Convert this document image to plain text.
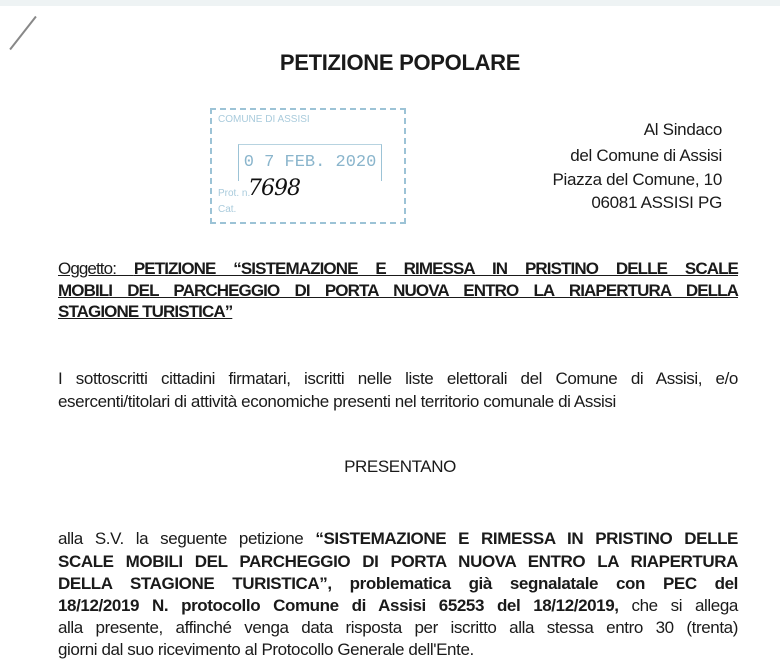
PETIZIONE POPOLARE
COMUNE DI ASSISI
0 7 FEB. 2020
Prot. n.
Cat.
7698
Al Sindaco
del Comune di Assisi
Piazza del Comune, 10
06081 ASSISI PG
Oggetto: PETIZIONE “SISTEMAZIONE E RIMESSA IN PRISTINO DELLE SCALE
MOBILI DEL PARCHEGGIO DI PORTA NUOVA ENTRO LA RIAPERTURA DELLA
STAGIONE TURISTICA”
I sottoscritti cittadini firmatari, iscritti nelle liste elettorali del Comune di Assisi, e/o
esercenti/titolari di attività economiche presenti nel territorio comunale di Assisi
PRESENTANO
alla S.V. la seguente petizione “SISTEMAZIONE E RIMESSA IN PRISTINO DELLE
SCALE MOBILI DEL PARCHEGGIO DI PORTA NUOVA ENTRO LA RIAPERTURA
DELLA STAGIONE TURISTICA”, problematica già segnalatale con PEC del
18/12/2019 N. protocollo Comune di Assisi 65253 del 18/12/2019, che si allega
alla presente, affinché venga data risposta per iscritto alla stessa entro 30 (trenta)
giorni dal suo ricevimento al Protocollo Generale dell'Ente.
